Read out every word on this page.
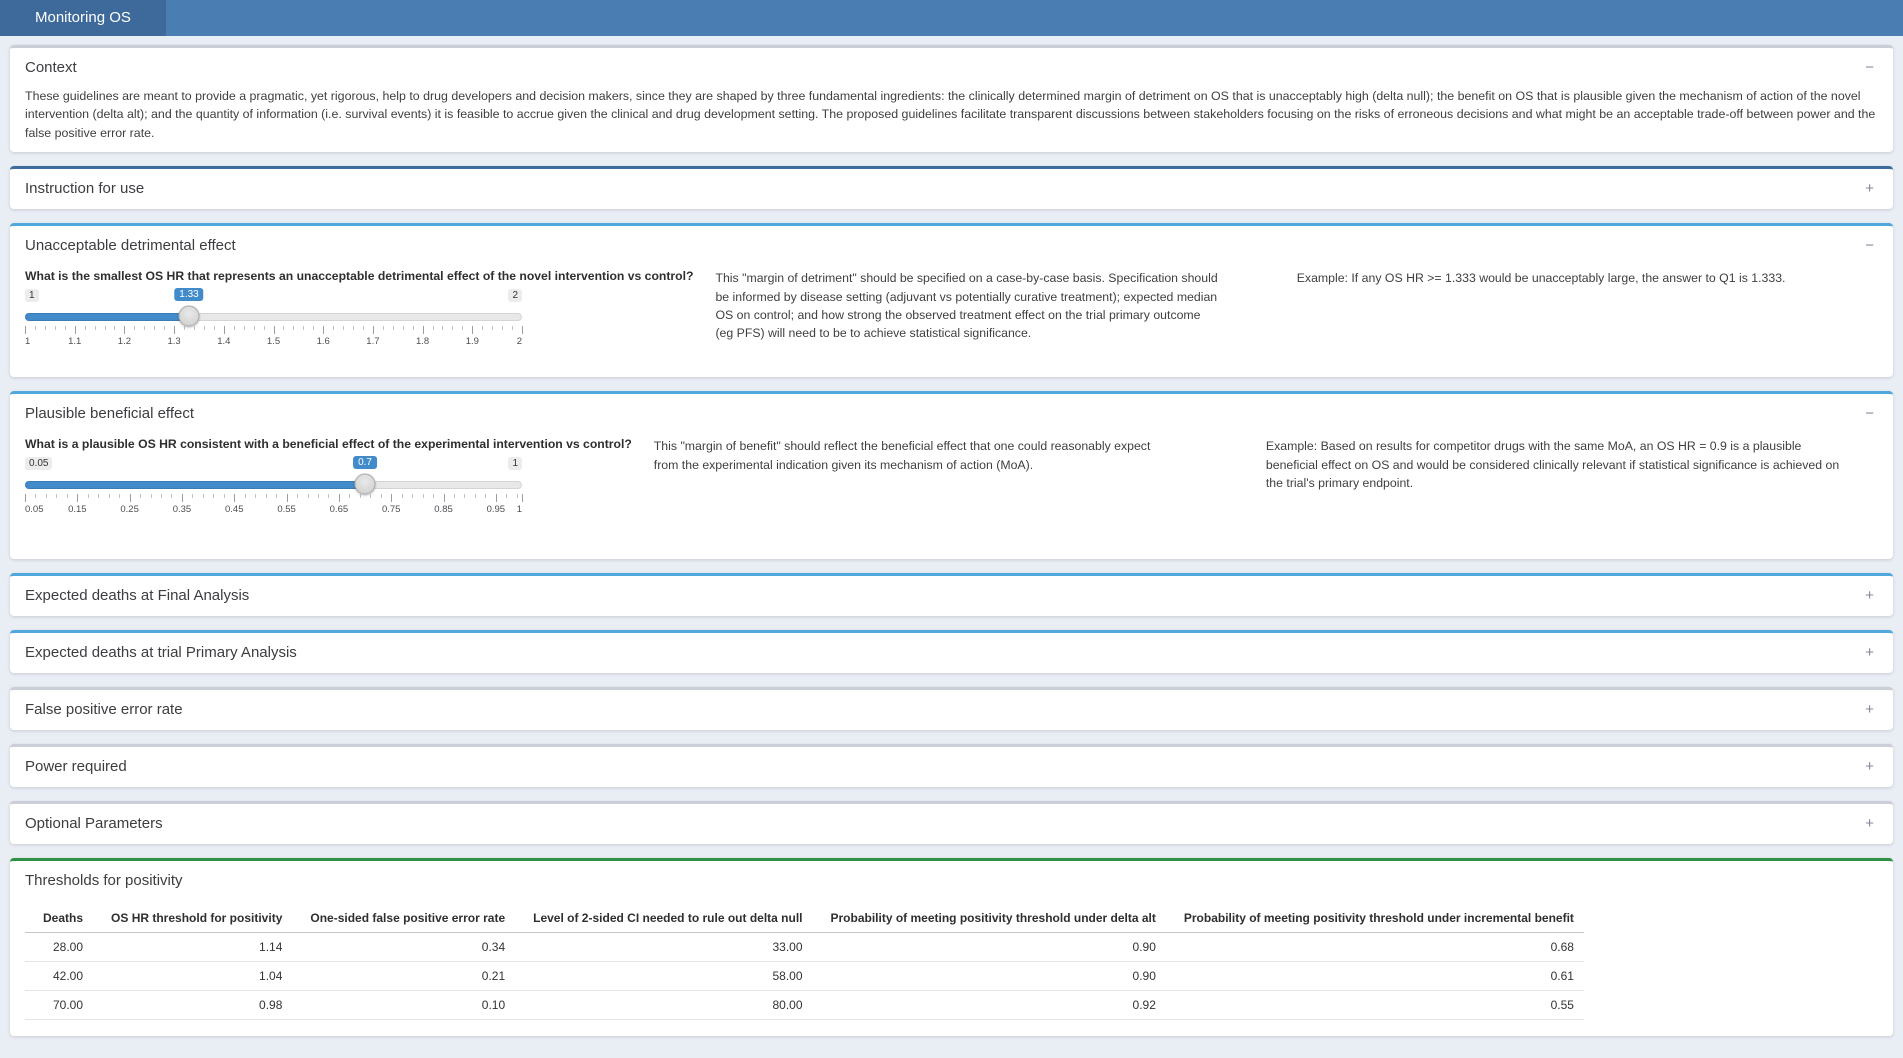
Monitoring OS
Context	−

These guidelines are meant to provide a pragmatic, yet rigorous, help to drug developers and decision makers, since they are shaped by three fundamental ingredients: the clinically determined margin of detriment on OS that is unacceptably high (delta null); the benefit on OS that is plausible given the mechanism of action of the novel intervention (delta alt); and the quantity of information (i.e. survival events) it is feasible to accrue given the clinical and drug development setting. The proposed guidelines facilitate transparent discussions between stakeholders focusing on the risks of erroneous decisions and what might be an acceptable trade-off between power and the false positive error rate.

Instruction for use	+
Unacceptable detrimental effect	−
What is the smallest OS HR that represents an unacceptable detrimental effect of the novel intervention vs control?
1	2
1.33
1	1.1	1.2	1.3	1.4	1.5	1.6	1.7	1.8	1.9	2

This "margin of detriment" should be specified on a case-by-case basis. Specification should be informed by disease setting (adjuvant vs potentially curative treatment); expected median OS on control; and how strong the observed treatment effect on the trial primary outcome (eg PFS) will need to be to achieve statistical significance.

Example: If any OS HR >= 1.333 would be unacceptably large, the answer to Q1 is 1.333.

Plausible beneficial effect	−
What is a plausible OS HR consistent with a beneficial effect of the experimental intervention vs control?
0.05	1
0.7
0.05	0.15	0.25	0.35	0.45	0.55	0.65	0.75	0.85	0.95 1

This "margin of benefit" should reflect the beneficial effect that one could reasonably expect from the experimental indication given its mechanism of action (MoA).

Example: Based on results for competitor drugs with the same MoA, an OS HR = 0.9 is a plausible beneficial effect on OS and would be considered clinically relevant if statistical significance is achieved on the trial's primary endpoint.

Expected deaths at Final Analysis	+
Expected deaths at trial Primary Analysis	+
False positive error rate	+
Power required	+
Optional Parameters	+
Thresholds for positivity
Deaths	OS HR threshold for positivity	One-sided false positive error rate	Level of 2-sided CI needed to rule out delta null	Probability of meeting positivity threshold under delta alt	Probability of meeting positivity threshold under incremental benefit
28.00	1.14	0.34	33.00	0.90	0.68
42.00	1.04	0.21	58.00	0.90	0.61
70.00	0.98	0.10	80.00	0.92	0.55
